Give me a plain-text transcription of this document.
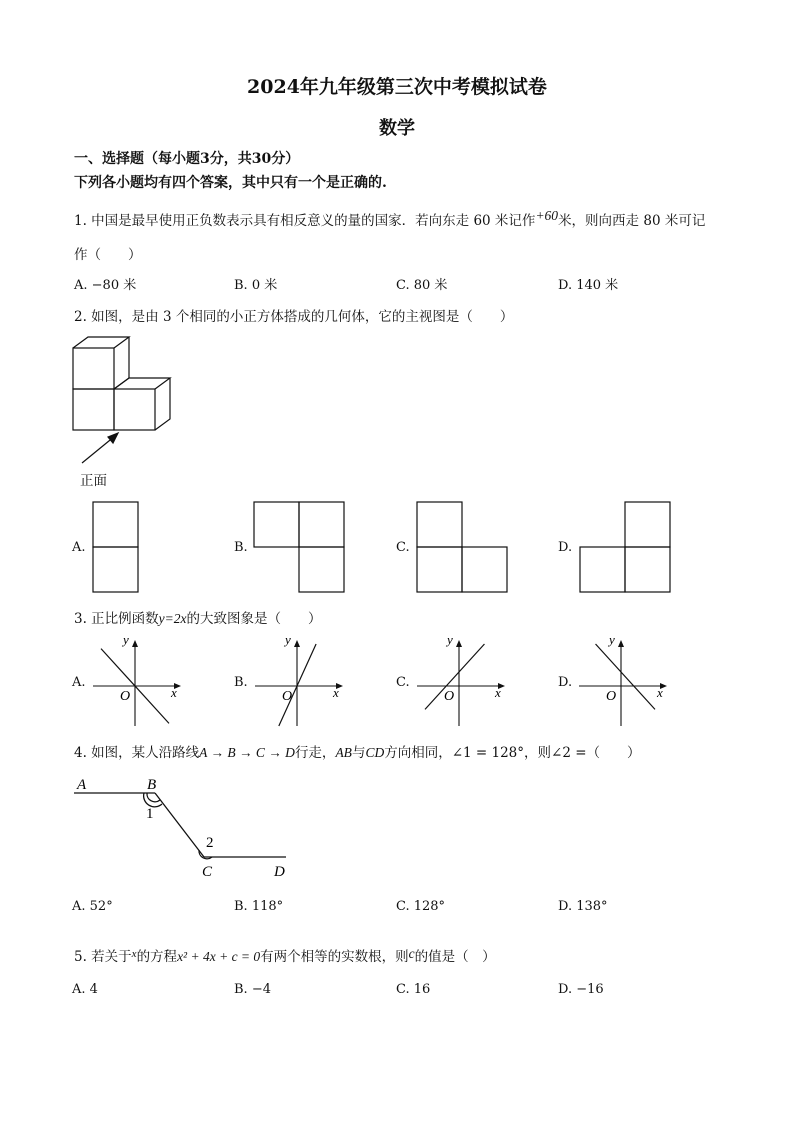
2024年九年级第三次中考模拟试卷
数学
一、选择题（每小题3分，共30分）
下列各小题均有四个答案，其中只有一个是正确的.
1. 中国是最早使用正负数表示具有相反意义的量的国家．若向东走 60 米记作+60米，则向西走 80 米可记
作（　　）
A. −80 米	B. 0 米	C. 80 米	D. 140 米
2. 如图，是由 3 个相同的小正方体搭成的几何体，它的主视图是（　　）
正面
A.	B.	C.	D.
3. 正比例函数y=2x的大致图象是（　　）
A.	B.	C.	D.
y
x
O
y
x
O
y
x
O
y
x
O
4. 如图，某人沿路线A → B → C → D行走，AB与CD方向相同，∠1 = 128°，则∠2 =（　　）
A	B
1
2
C	D
A. 52°	B. 118°	C. 128°	D. 138°
5. 若关于$^x$的方程x² + 4x + c = 0有两个相等的实数根，则c的值是（　）
A. 4	B. −4	C. 16	D. −16
